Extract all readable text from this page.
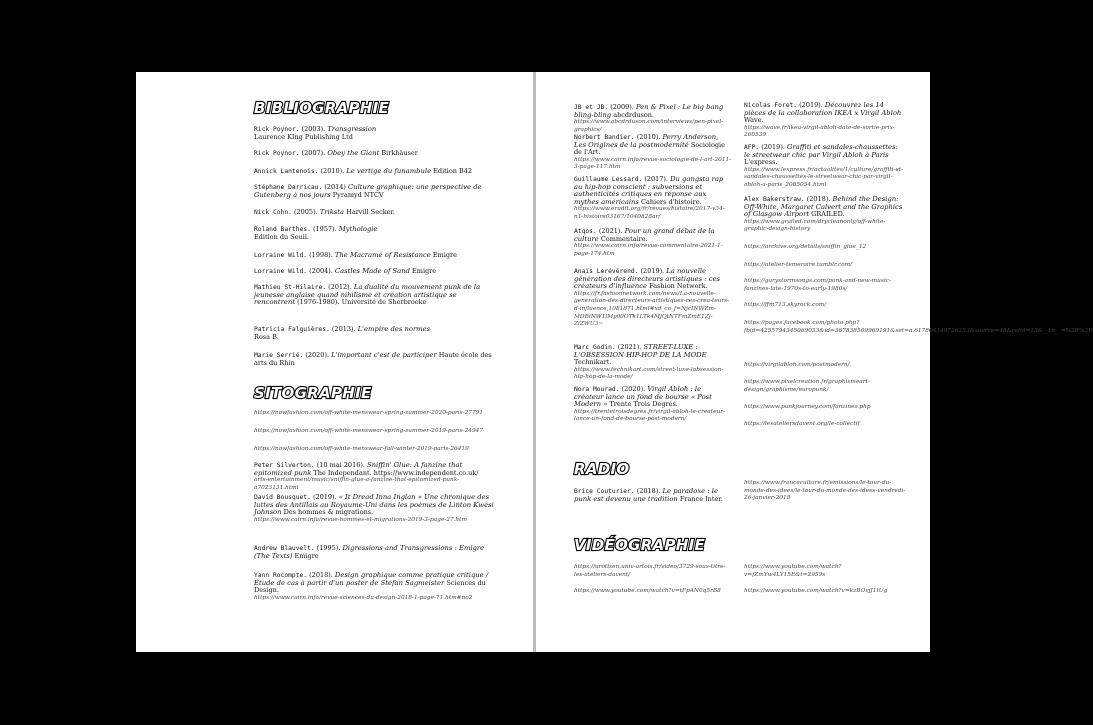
BIBLIOGRAPHIE
Rick Poynor. (2003). Transgression
Laurence KIng Publishing Ltd
Rick Poynor. (2007). Obey the Giant Birkhäuser
Annick Lantenois. (2010). Le vertige du funambule Edition B42
Stéphane Darricau. (2014) Culture graphique: une perspective de Gutenberg à nos jours Pyramyd NTCV
Nick Cohn. (2005). Triksta Harvill Secker.
Roland Barthes. (1957). Mythologie
Edition du Seuil.
Lorraine Wild. (1998). The Macramé of Resistance Emigre
Lorraine Wild. (2004). Castles Made of Sand Emigre
Mathieu St-Hilaire. (2012). La dualité du mouvement punk de la jeunesse anglaise quand nihilisme et création artistique se rencontrent (1976-1980). Université de Sherbrooke
Patricia Falguières. (2013). L'empire des normes
Rosa B.
Marie Serrié. (2020). L'important c'est de participer Haute école des arts du Rhin
SITOGRAPHIE
https://nowfashion.com/off-white-menswear-spring-summer-2020-paris-27791
https://nowfashion.com/off-white-menswear-spring-summer-2019-paris-24947
https://nowfashion.com/off-white-menswear-fall-winter-2019-paris-26419
Peter Silverton. (10 mai 2016). Sniffin' Glue: A fanzine that epitomized punk The Independant. https://www.independent.co.uk/
arts-entertainment/music/sniffin-glue-a-fanzine-that-epitomized-punk-a7023131.html
David Bousquet. (2019). « It Dread Inna Inglan » Une chronique des luttes des Antillais au Royaume-Uni dans les poèmes de Linton Kwesi Johnson Des hommes & migrations.
https://www.cairn.info/revue-hommes-et-migrations-2019-3-page-27.htm
Andrew Blauvelt. (1995). Digressions and Transgressions : Emigre (The Texts) Emigre
Yann Rocompte. (2018). Design graphique comme pratique critique / Étude de cas à partir d'un poster de Stefan Sagmeister Sciences du Design.
https://www.cairn.info/revue-sciences-du-design-2018-1-page-71.htm#no2
JB et JB. (2009). Pen & Pixel : Le big bang bling-bling abcdrduson.
https://www.abcdrduson.com/interviews/pen-pixel-graphics/
Norbert Bandier. (2010). Perry Anderson, Les Origines de la postmodernité Sociologie de l'Art.
https://www.cairn.info/revue-sociologie-de-l-art-2011-3-page-117.htm
Guillaume Lessard. (2017). Du gangsta rap au hip-hop conscient : subversions et authenticités critiques en réponse aux mythes américains Cahiers d'histoire.
https://www.erudit.org/fr/revues/histoire/2017-v34-n1-histoire03167/1040828ar/
Atqos. (2021). Pour un grand débat de la culture Commentaire.
https://www.cairn.info/revue-commentaire-2021-1-page-174.htm
Anaïs Lerévérend. (2019). La nouvelle génération des directeurs artistiques : ces créateurs d'influence Fashion Network.
https://fr.fashionnetwork.com/news/La-nouvelle-generation-des-directeurs-artistiques-ces-crea-teurs-d-influence,1081871.html#xd_co_f=NjcINWZm-MDBiNW1lMy00OTk1LTk4MjQtNTFmZmE1Zj-ZiZWU3~
Marc Godin. (2021). STREET-LUXE : L'OBSESSION HIP-HOP DE LA MODE Technikart.
https://www.technikart.com/street-luxe-lobsession-hip-hop-de-la-mode/
Nora Mourad. (2020). Virgil Abloh : le créateur lance un fond de bourse « Post Modern » Trente Trois Degrés.
https://trentetroisdegres.fr/virgil-abloh-le-createur-lance-un-fond-de-bourse-post-modern/
Nicolas Foret. (2019). Découvrez les 14 pièces de la collaboration IKEA x Virgil Abloh Wave.
https://wave.fr/ikea-virgil-abloh-date-de-sortie-prix-260539
AFP. (2019). Graffiti et sandales-chaussettes: le streetwear chic par Virgil Abloh à Paris L'express.
https://www.lexpress.fr/actualites/1/culture/graffiti-et-sandales-chaussettes-le-streetwear-chic-par-virgil-abloh-a-paris_2085054.html
Alex Bakerstraw. (2018). Behind the Design: Off-White, Margaret Calvert and the Graphics of Glasgow Airport GRAILED.
https://www.grailed.com/drycleanonly/off-white-graphic-design-history
https://archive.org/details/sniffin_glue_12
https://atelier-temeraire.tumblr.com/
https://garystormsongs.com/punk-and-new-music-fanzines-late-1970s-to-early-1980s/
https://ffm713.skyrock.com/
https://pages.facebook.com/photo.php?fbid=4255794345069033&id=367838509969191&set=a.617804149726253&source=48&refid=13&__tn__=%2B%3D
https://virgilabloh.com/postmodern/
https://www.pixelcreation.fr/graphismeart-design/graphisme/europunk/
https://www.punkjourney.com/fanzines.php
https://lesateliersdavent.org/le-collectif
RADIO
Brice Couturier. (2018). Le paradoxe : le punk est devenu une tradition France Inter.
https://www.franceculture.fr/emissions/le-tour-du-monde-des-idees/le-tour-du-monde-des-idees-vendredi-26-janvier-2018
VIDÉOGRAPHIE
https://urotisen.univ-artois.fr/video/3729-sous-titre-les-ateliers-davent/
https://www.youtube.com/watch?v=tFpAN0q5rB8
https://www.youtube.com/watch?v=fZmYw4LY15E&t=2959s
https://www.youtube.com/watch?v=kzBOvjJ1tUg
